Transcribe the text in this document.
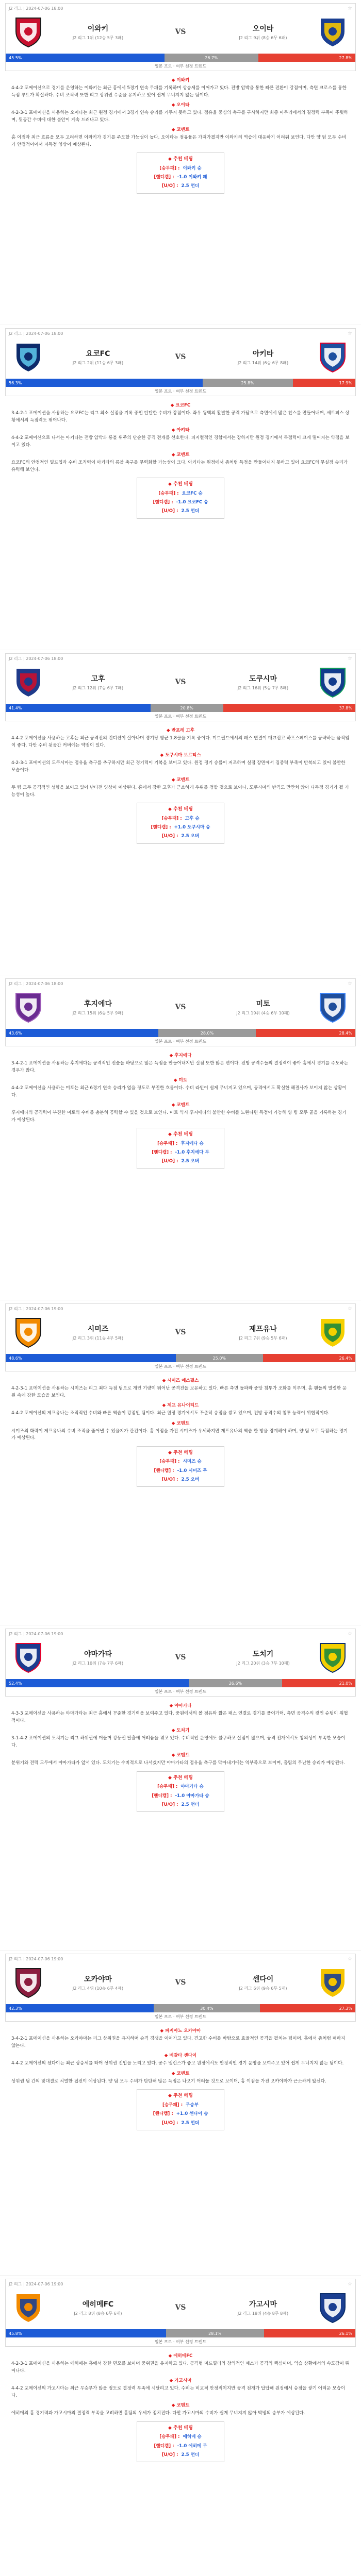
J2 리그 | 2024-07-06 18:00	☆
이와키
J2 리그 1위 (12승 5무 3패)
VS	오이타
J2 리그 9위 (8승 6무 6패)
45.5%	26.7%	27.8%
일본 프로 · 여부 선정 트렌드
◆ 이와키
4-4-2 포메이션으로 경기를 운영하는 이와키는 최근 홈에서 5경기 연속 무패를 기록하며 상승세를 이어가고 있다. 전방 압박을 통한 빠른 전환이 강점이며, 측면 크로스를 통한 득점 루트가 확실하다. 수비 조직력 또한 리그 상위권 수준을 유지하고 있어 쉽게 무너지지 않는 팀이다.
◆ 오이타
4-2-3-1 포메이션을 사용하는 오이타는 최근 원정 경기에서 3경기 연속 승리를 거두지 못하고 있다. 점유율 중심의 축구를 구사하지만 최종 마무리에서의 결정력 부족이 뚜렷하며, 뒷공간 수비에 대한 불안이 계속 드러나고 있다.
◆ 코멘트
홈 이점과 최근 흐름을 모두 고려하면 이와키가 경기를 주도할 가능성이 높다. 오이타는 점유율은 가져가겠지만 이와키의 역습에 대응하기 어려워 보인다. 다만 양 팀 모두 수비가 안정적이어서 저득점 양상이 예상된다.
◆ 추천 베팅
[승무패] : 이와키 승
[핸디캡] : -1.0 이와키 패
[U/O] : 2.5 언더
J2 리그 | 2024-07-06 18:00	☆
요코FC
J2 리그 2위 (11승 6무 3패)
VS	아키타
J2 리그 14위 (6승 6무 8패)
56.3%	25.8%	17.9%
일본 프로 · 여부 선정 트렌드
◆ 요코FC
3-4-2-1 포메이션을 사용하는 요코FC는 리그 최소 실점을 기록 중인 탄탄한 수비가 강점이다. 좌우 윙백의 활발한 공격 가담으로 측면에서 많은 찬스를 만들어내며, 세트피스 상황에서의 득점력도 뛰어나다.
◆ 아키타
4-4-2 포메이션으로 나서는 아키타는 전방 압박과 롱볼 위주의 단순한 공격 전개를 선호한다. 피지컬적인 경합에서는 강하지만 원정 경기에서 득점력이 크게 떨어지는 약점을 보이고 있다.
◆ 코멘트
요코FC의 안정적인 빌드업과 수비 조직력이 아키타의 롱볼 축구를 무력화할 가능성이 크다. 아키타는 원정에서 좀처럼 득점을 만들어내지 못하고 있어 요코FC의 무실점 승리가 유력해 보인다.
◆ 추천 베팅
[승무패] : 요코FC 승
[핸디캡] : -1.0 요코FC 승
[U/O] : 2.5 언더
J2 리그 | 2024-07-06 18:00	☆
고후
J2 리그 12위 (7승 6무 7패)
VS	도쿠시마
J2 리그 16위 (5승 7무 8패)
41.4%	20.8%	37.8%
일본 프로 · 여부 선정 트렌드
◆ 반포레 고후
4-4-2 포메이션을 사용하는 고후는 최근 공격진의 컨디션이 살아나며 경기당 평균 1.8골을 기록 중이다. 미드필드에서의 패스 연결이 매끄럽고 하프스페이스를 공략하는 움직임이 좋다. 다만 수비 뒷공간 커버에는 약점이 있다.
◆ 도쿠시마 보르티스
4-2-3-1 포메이션의 도쿠시마는 점유율 축구를 추구하지만 최근 경기력이 기복을 보이고 있다. 원정 경기 승률이 저조하며 실점 장면에서 집중력 부족이 반복되고 있어 불안한 모습이다.
◆ 코멘트
두 팀 모두 공격적인 성향을 보이고 있어 난타전 양상이 예상된다. 홈에서 강한 고후가 근소하게 우위를 점할 것으로 보이나, 도쿠시마의 반격도 만만치 않아 다득점 경기가 될 가능성이 높다.
◆ 추천 베팅
[승무패] : 고후 승
[핸디캡] : +1.0 도쿠시마 승
[U/O] : 2.5 오버
J2 리그 | 2024-07-06 18:00	☆
후지에다
J2 리그 15위 (6승 5무 9패)
VS	미토
J2 리그 19위 (4승 6무 10패)
43.6%	28.0%	28.4%
일본 프로 · 여부 선정 트렌드
◆ 후지에다
3-4-2-1 포메이션을 사용하는 후지에다는 공격적인 전술을 바탕으로 많은 득점을 만들어내지만 실점 또한 많은 편이다. 전방 공격수들의 결정력이 좋아 홈에서 경기를 주도하는 경우가 많다.
◆ 미토
4-4-2 포메이션을 사용하는 미토는 최근 6경기 연속 승리가 없을 정도로 부진한 흐름이다. 수비 라인이 쉽게 무너지고 있으며, 공격에서도 확실한 해결사가 보이지 않는 상황이다.
◆ 코멘트
후지에다의 공격력이 부진한 미토의 수비를 충분히 공략할 수 있을 것으로 보인다. 미토 역시 후지에다의 불안한 수비를 노린다면 득점이 가능해 양 팀 모두 골을 기록하는 경기가 예상된다.
◆ 추천 베팅
[승무패] : 후지에다 승
[핸디캡] : -1.0 후지에다 무
[U/O] : 2.5 오버
J2 리그 | 2024-07-06 19:00	☆
시미즈
J2 리그 3위 (11승 4무 5패)
VS	제프유나
J2 리그 7위 (9승 5무 6패)
48.6%	25.0%	26.4%
일본 프로 · 여부 선정 트렌드
◆ 시미즈 에스펄스
4-2-3-1 포메이션을 사용하는 시미즈는 리그 최다 득점 팀으로 개인 기량이 뛰어난 공격진을 보유하고 있다. 빠른 측면 돌파와 중앙 침투가 조화를 이루며, 홈 팬들의 열렬한 응원 속에 강한 모습을 보인다.
◆ 제프 유나이티드
4-4-2 포메이션의 제프유나는 조직적인 수비와 빠른 역습이 강점인 팀이다. 최근 원정 경기에서도 꾸준히 승점을 쌓고 있으며, 전방 공격수의 침투 능력이 위협적이다.
◆ 코멘트
시미즈의 화력이 제프유나의 수비 조직을 뚫어낼 수 있을지가 관건이다. 홈 이점을 가진 시미즈가 우세하지만 제프유나의 역습 한 방을 경계해야 하며, 양 팀 모두 득점하는 경기가 예상된다.
◆ 추천 베팅
[승무패] : 시미즈 승
[핸디캡] : -1.0 시미즈 무
[U/O] : 2.5 오버
J2 리그 | 2024-07-06 19:00	☆
야마가타
J2 리그 10위 (7승 7무 6패)
VS	도치기
J2 리그 20위 (3승 7무 10패)
52.4%	26.6%	21.0%
일본 프로 · 여부 선정 트렌드
◆ 야마가타
4-3-3 포메이션을 사용하는 야마가타는 최근 홈에서 꾸준한 경기력을 보여주고 있다. 중원에서의 볼 점유와 짧은 패스 연결로 경기를 풀어가며, 측면 공격수의 컷인 슈팅이 위협적이다.
◆ 도치기
3-1-4-2 포메이션의 도치기는 리그 하위권에 머물며 강등권 탈출에 어려움을 겪고 있다. 수비적인 운영에도 불구하고 실점이 많으며, 공격 전개에서도 창의성이 부족한 모습이다.
◆ 코멘트
분위기와 전력 모두에서 야마가타가 앞서 있다. 도치기는 수비적으로 나서겠지만 야마가타의 점유율 축구를 막아내기에는 역부족으로 보이며, 홈팀의 무난한 승리가 예상된다.
◆ 추천 베팅
[승무패] : 야마가타 승
[핸디캡] : -1.0 야마가타 승
[U/O] : 2.5 언더
J2 리그 | 2024-07-06 19:00	☆
오카야마
J2 리그 4위 (10승 6무 4패)
VS	센다이
J2 리그 6위 (9승 6무 5패)
42.3%	30.4%	27.3%
일본 프로 · 여부 선정 트렌드
◆ 파지아노 오카야마
3-4-2-1 포메이션을 사용하는 오카야마는 리그 상위권을 유지하며 승격 경쟁을 이어가고 있다. 견고한 수비를 바탕으로 효율적인 공격을 펼치는 팀이며, 홈에서 좀처럼 패하지 않는다.
◆ 베갈타 센다이
4-4-2 포메이션의 센다이는 최근 상승세를 타며 상위권 진입을 노리고 있다. 공수 밸런스가 좋고 원정에서도 안정적인 경기 운영을 보여주고 있어 쉽게 무너지지 않는 팀이다.
◆ 코멘트
상위권 팀 간의 맞대결로 치열한 접전이 예상된다. 양 팀 모두 수비가 탄탄해 많은 득점은 나오기 어려울 것으로 보이며, 홈 이점을 가진 오카야마가 근소하게 앞선다.
◆ 추천 베팅
[승무패] : 무승부
[핸디캡] : +1.0 센다이 승
[U/O] : 2.5 언더
J2 리그 | 2024-07-06 19:00	☆
에히메FC
J2 리그 8위 (8승 6무 6패)
VS	가고시마
J2 리그 18위 (4승 8무 8패)
45.8%	28.1%	26.1%
일본 프로 · 여부 선정 트렌드
◆ 에히메FC
4-2-3-1 포메이션을 사용하는 에히메는 홈에서 강한 면모를 보이며 중위권을 유지하고 있다. 공격형 미드필더의 창의적인 패스가 공격의 핵심이며, 역습 상황에서의 속도감이 뛰어나다.
◆ 가고시마
4-4-2 포메이션의 가고시마는 최근 무승부가 많을 정도로 결정력 부족에 시달리고 있다. 수비는 비교적 안정적이지만 공격 전개가 답답해 원정에서 승점을 쌓기 어려운 모습이다.
◆ 코멘트
에히메의 홈 경기력과 가고시마의 결정력 부족을 고려하면 홈팀의 우세가 점쳐진다. 다만 가고시마의 수비가 쉽게 무너지지 않아 박빙의 승부가 예상된다.
◆ 추천 베팅
[승무패] : 에히메 승
[핸디캡] : -1.0 에히메 무
[U/O] : 2.5 언더
